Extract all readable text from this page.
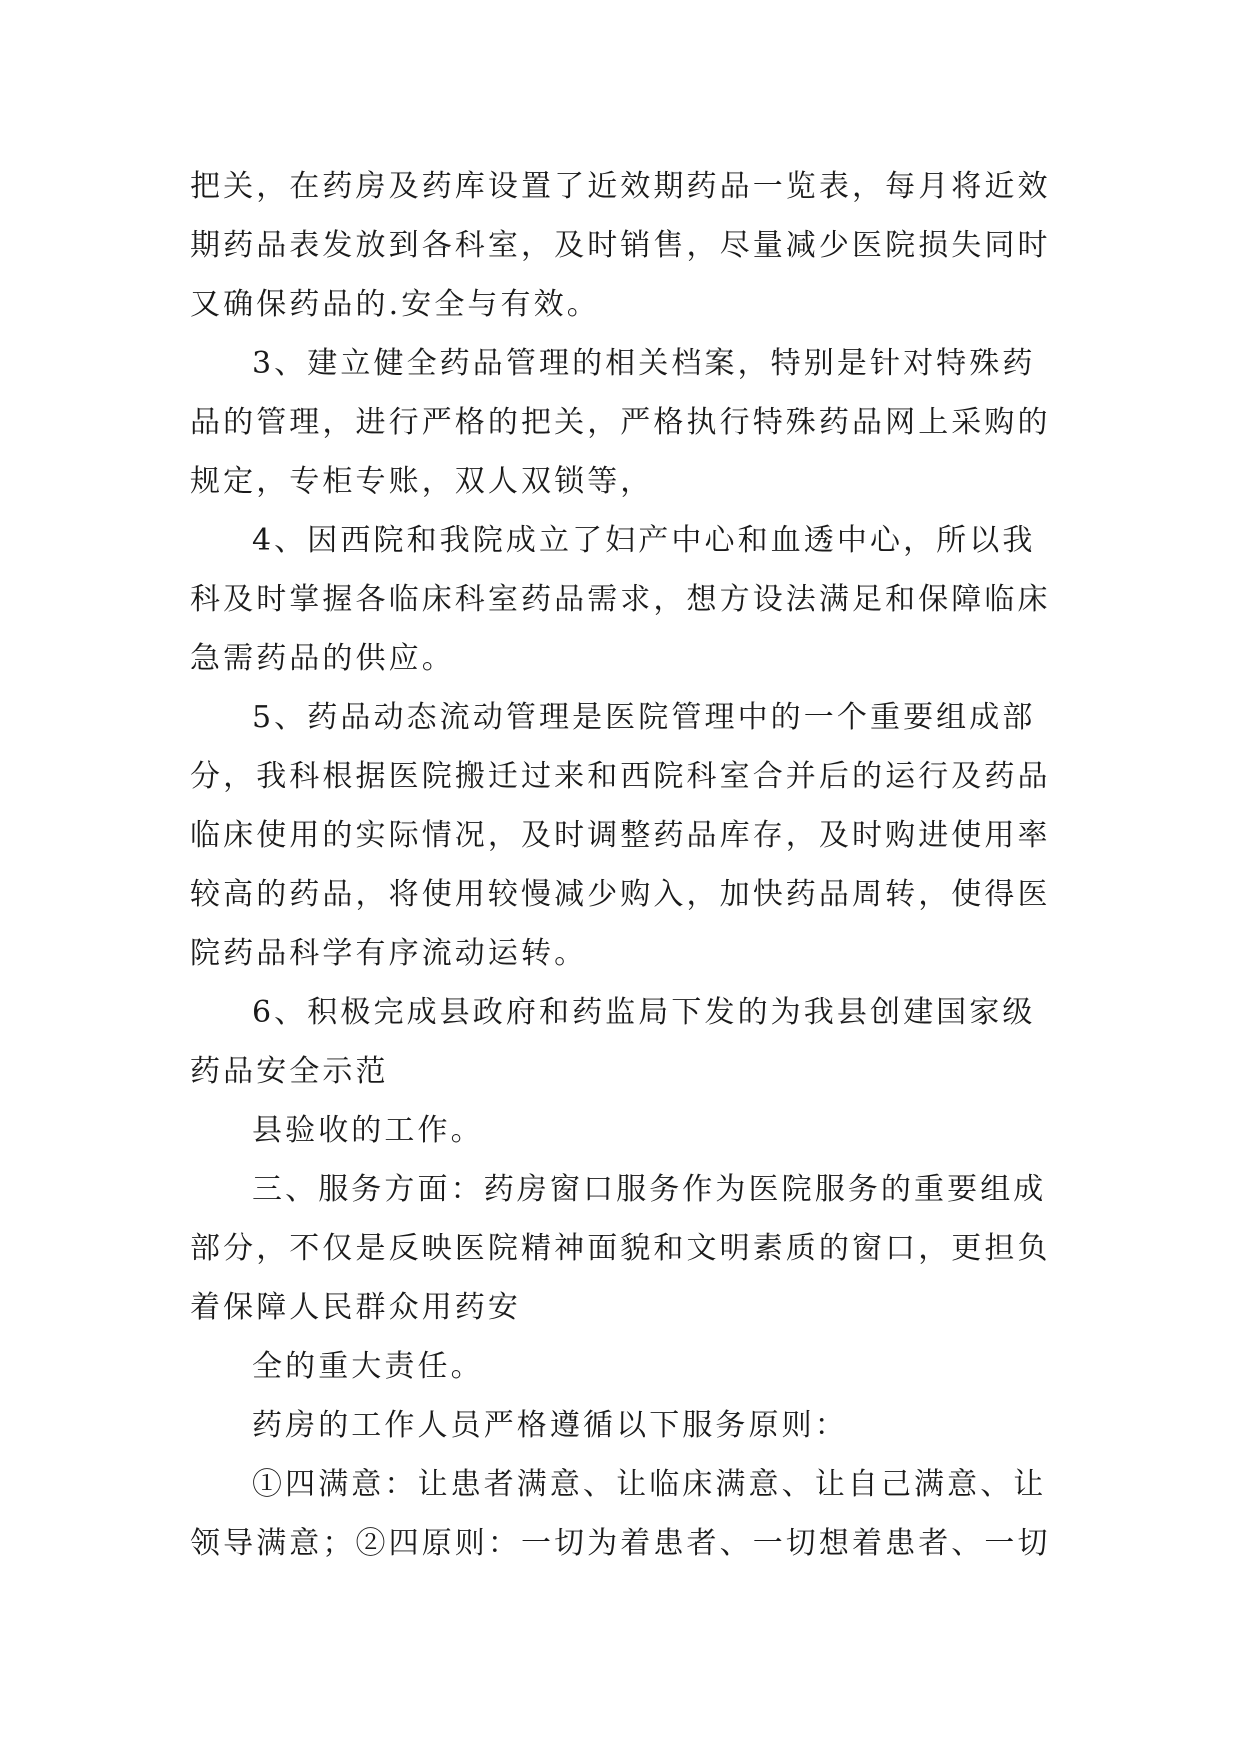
把关，在药房及药库设置了近效期药品一览表，每月将近效
期药品表发放到各科室，及时销售，尽量减少医院损失同时
又确保药品的.安全与有效。
3、建立健全药品管理的相关档案，特别是针对特殊药
品的管理，进行严格的把关，严格执行特殊药品网上采购的
规定，专柜专账，双人双锁等，
4、因西院和我院成立了妇产中心和血透中心，所以我
科及时掌握各临床科室药品需求，想方设法满足和保障临床
急需药品的供应。
5、药品动态流动管理是医院管理中的一个重要组成部
分，我科根据医院搬迁过来和西院科室合并后的运行及药品
临床使用的实际情况，及时调整药品库存，及时购进使用率
较高的药品，将使用较慢减少购入，加快药品周转，使得医
院药品科学有序流动运转。
6、积极完成县政府和药监局下发的为我县创建国家级
药品安全示范
县验收的工作。
三、服务方面：药房窗口服务作为医院服务的重要组成
部分，不仅是反映医院精神面貌和文明素质的窗口，更担负
着保障人民群众用药安
全的重大责任。
药房的工作人员严格遵循以下服务原则：
①四满意：让患者满意、让临床满意、让自己满意、让
领导满意；②四原则：一切为着患者、一切想着患者、一切
